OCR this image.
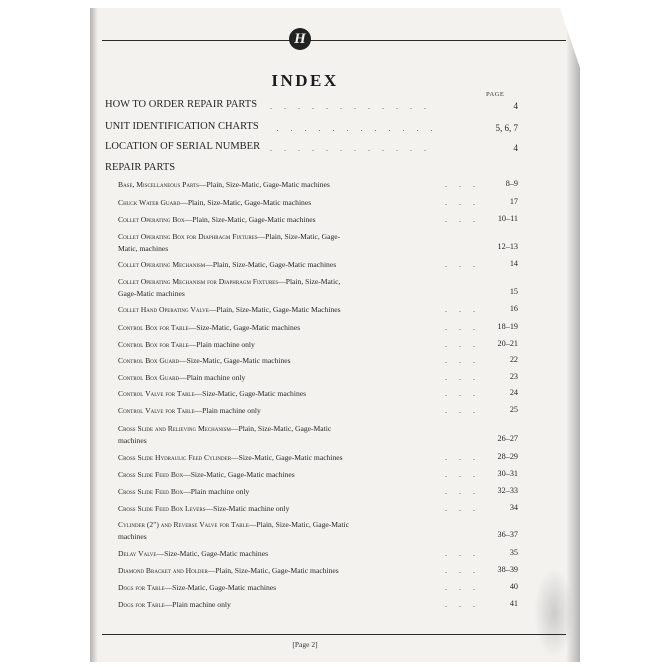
H
INDEX
PAGE
HOW TO ORDER REPAIR PARTS . . . . . . . . . . . .	4
UNIT IDENTIFICATION CHARTS . . . . . . . . . . . .	5, 6, 7
LOCATION OF SERIAL NUMBER . . . . . . . . . . . .	4
REPAIR PARTS
Base, Miscellaneous Parts—Plain, Size-Matic, Gage-Matic machines	. . .	8–9
Chuck Water Guard—Plain, Size-Matic, Gage-Matic machines	. . .	17
Collet Operating Box—Plain, Size-Matic, Gage-Matic machines	. . . 10–11
Collet Operating Box for Diaphragm Fixtures—Plain, Size-Matic, Gage-
Matic, machines	12–13
Collet Operating Mechanism—Plain, Size-Matic, Gage-Matic machines	. . .	14
Collet Operating Mechanism for Diaphragm Fixtures—Plain, Size-Matic,
Gage-Matic machines	15
Collet Hand Operating Valve—Plain, Size-Matic, Gage-Matic Machines	. . .	16
Control Box for Table—Size-Matic, Gage-Matic machines	. . . 18–19
Control Box for Table—Plain machine only	. . . 20–21
Control Box Guard—Size-Matic, Gage-Matic machines	. . .	22
Control Box Guard—Plain machine only	. . .	23
Control Valve for Table—Size-Matic, Gage-Matic machines	. . .	24
Control Valve for Table—Plain machine only	. . .	25
Cross Slide and Relieving Mechanism—Plain, Size-Matic, Gage-Matic
machines	26–27
Cross Slide Hydraulic Feed Cylinder—Size-Matic, Gage-Matic machines	. . . 28–29
Cross Slide Feed Box—Size-Matic, Gage-Matic machines	. . . 30–31
Cross Slide Feed Box—Plain machine only	. . . 32–33
Cross Slide Feed Box Levers—Size-Matic machine only	. . .	34
Cylinder (2") and Reverse Valve for Table—Plain, Size-Matic, Gage-Matic
machines	36–37
Delay Valve—Size-Matic, Gage-Matic machines	. . .	35
Diamond Bracket and Holder—Plain, Size-Matic, Gage-Matic machines	. . . 38–39
Dogs for Table—Size-Matic, Gage-Matic machines	. . .	40
Dogs for Table—Plain machine only	. . .	41
[Page 2]
